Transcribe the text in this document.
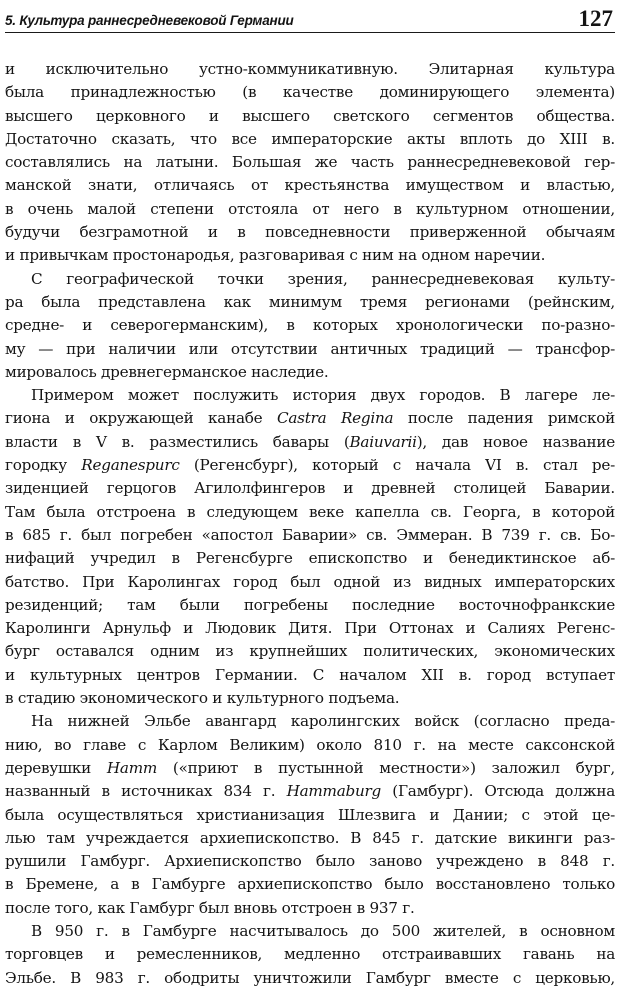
5. Культура раннесредневековой Германии	127
и исключительно устно-коммуникативную. Элитарная культура
была принадлежностью (в качестве доминирующего элемента)
высшего церковного и высшего светского сегментов общества.
Достаточно сказать, что все императорские акты вплоть до XIII в.
составлялись на латыни. Большая же часть раннесредневековой гер-
манской знати, отличаясь от крестьянства имуществом и властью,
в очень малой степени отстояла от него в культурном отношении,
будучи безграмотной и в повседневности приверженной обычаям
и привычкам простонародья, разговаривая с ним на одном наречии.
С географической точки зрения, раннесредневековая культу-
ра была представлена как минимум тремя регионами (рейнским,
средне- и северогерманским), в которых хронологически по-разно-
му — при наличии или отсутствии античных традиций — трансфор-
мировалось древнегерманское наследие.
Примером может послужить история двух городов. В лагере ле-
гиона и окружающей канабе Castra Regina после падения римской
власти в V в. разместились бавары (Baiuvarii), дав новое название
городку Reganespurc (Регенсбург), который с начала VI в. стал ре-
зиденцией герцогов Агилолфингеров и древней столицей Баварии.
Там была отстроена в следующем веке капелла св. Георга, в которой
в 685 г. был погребен «апостол Баварии» св. Эммеран. В 739 г. св. Бо-
нифаций учредил в Регенсбурге епископство и бенедиктинское аб-
батство. При Каролингах город был одной из видных императорских
резиденций; там были погребены последние восточнофранкские
Каролинги Арнульф и Людовик Дитя. При Оттонах и Салиях Регенс-
бург оставался одним из крупнейших политических, экономических
и культурных центров Германии. С началом XII в. город вступает
в стадию экономического и культурного подъема.
На нижней Эльбе авангард каролингских войск (согласно преда-
нию, во главе с Карлом Великим) около 810 г. на месте саксонской
деревушки Hamm («приют в пустынной местности») заложил бург,
названный в источниках 834 г. Hammaburg (Гамбург). Отсюда должна
была осуществляться христианизация Шлезвига и Дании; с этой це-
лью там учреждается архиепископство. В 845 г. датские викинги раз-
рушили Гамбург. Архиепископство было заново учреждено в 848 г.
в Бремене, а в Гамбурге архиепископство было восстановлено только
после того, как Гамбург был вновь отстроен в 937 г.
В 950 г. в Гамбурге насчитывалось до 500 жителей, в основном
торговцев и ремесленников, медленно отстраивавших гавань на
Эльбе. В 983 г. ободриты уничтожили Гамбург вместе с церковью,
